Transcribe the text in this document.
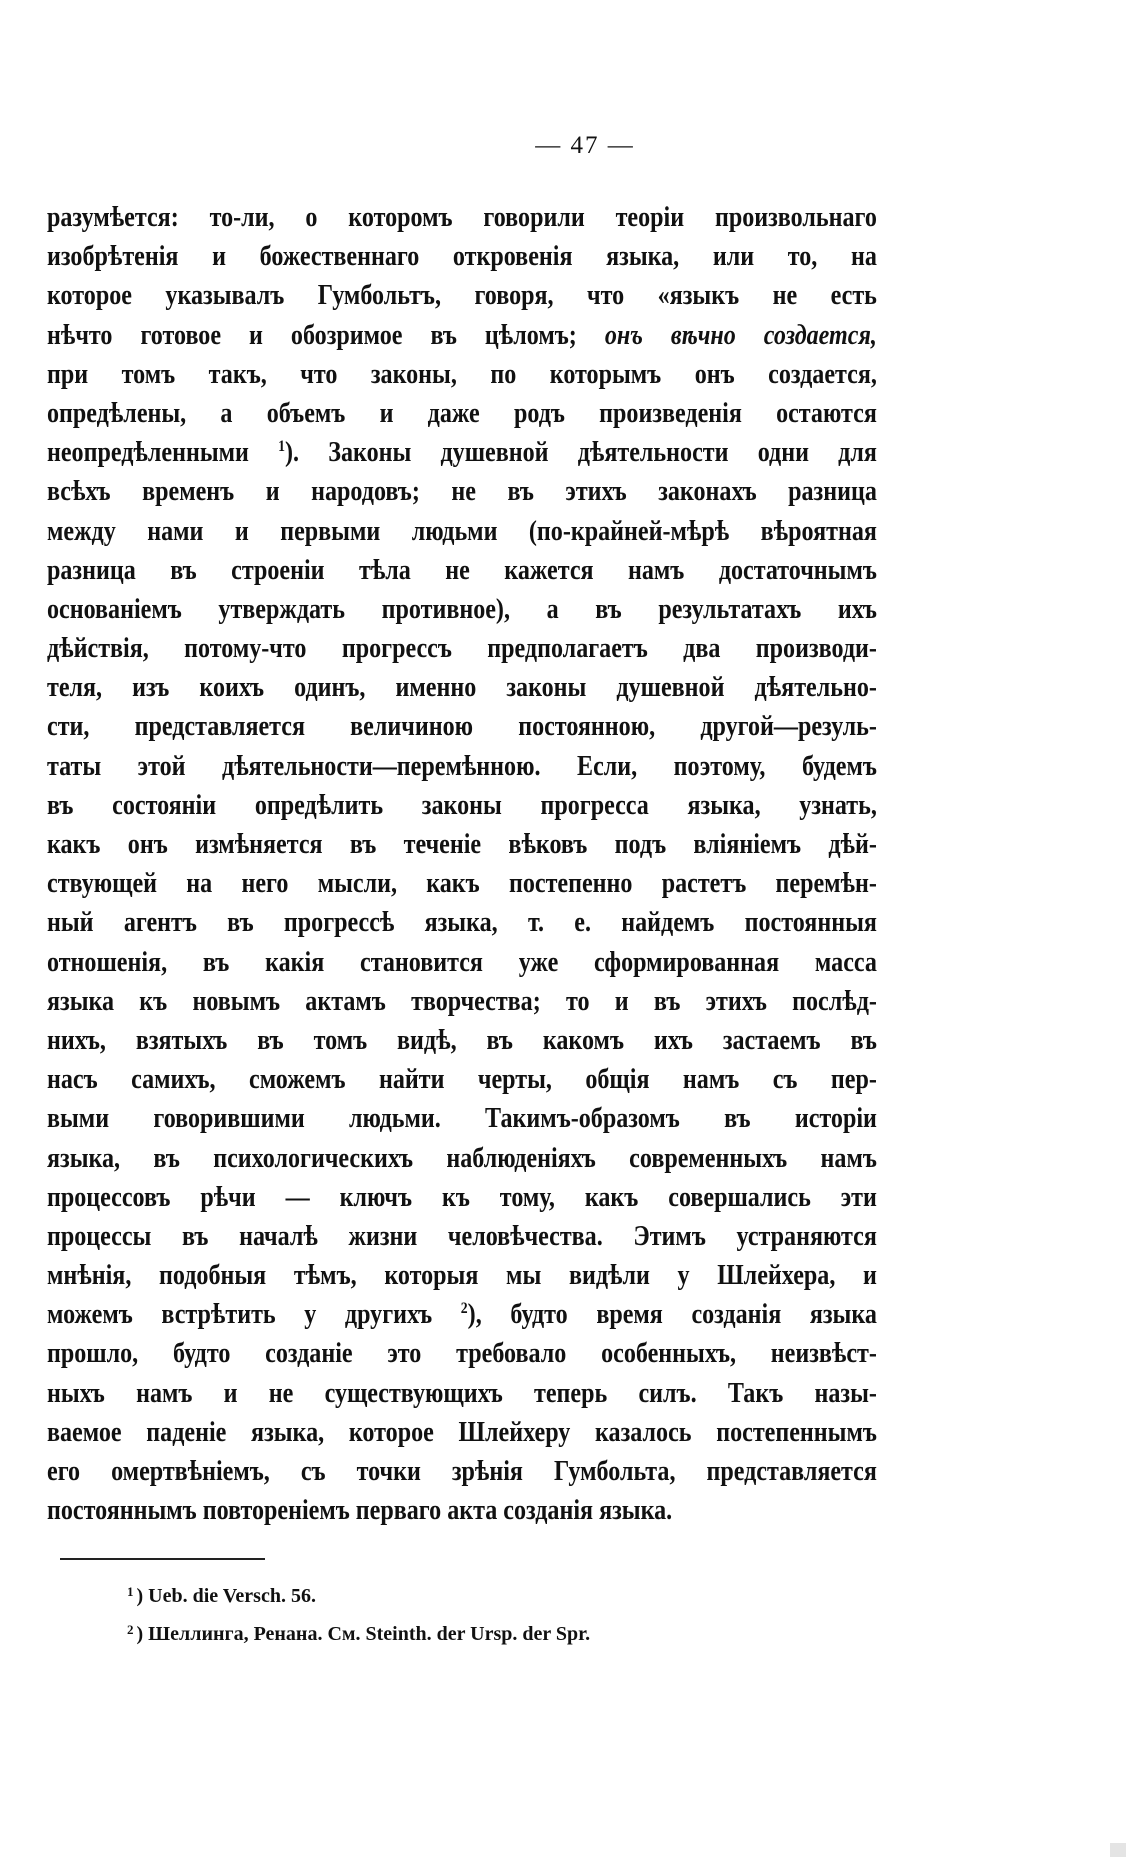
— 47 —
разумѣется: то-ли, о которомъ говорили теоріи произвольнаго
изобрѣтенія и божественнаго откровенія языка, или то, на
которое указывалъ Гумбольтъ, говоря, что «языкъ не есть
нѣчто готовое и обозримое въ цѣломъ; онъ вѣчно создается,
при томъ такъ, что законы, по которымъ онъ создается,
опредѣлены, а объемъ и даже родъ произведенія остаются
неопредѣленными $^1$). Законы душевной дѣятельности одни для
всѣхъ временъ и народовъ; не въ этихъ законахъ разница
между нами и первыми людьми (по-крайней-мѣрѣ вѣроятная
разница въ строеніи тѣла не кажется намъ достаточнымъ
основаніемъ утверждать противное), а въ результатахъ ихъ
дѣйствія, потому-что прогрессъ предполагаетъ два производи-
теля, изъ коихъ одинъ, именно законы душевной дѣятельно-
сти, представляется величиною постоянною, другой—резуль-
таты этой дѣятельности—перемѣнною. Если, поэтому, будемъ
въ состояніи опредѣлить законы прогресса языка, узнать,
какъ онъ измѣняется въ теченіе вѣковъ подъ вліяніемъ дѣй-
ствующей на него мысли, какъ постепенно растетъ перемѣн-
ный агентъ въ прогрессѣ языка, т. е. найдемъ постоянныя
отношенія, въ какія становится уже сформированная масса
языка къ новымъ актамъ творчества; то и въ этихъ послѣд-
нихъ, взятыхъ въ томъ видѣ, въ какомъ ихъ застаемъ въ
насъ самихъ, сможемъ найти черты, общія намъ съ пер-
выми говорившими людьми. Такимъ-образомъ въ исторіи
языка, въ психологическихъ наблюденіяхъ современныхъ намъ
процессовъ рѣчи — ключъ къ тому, какъ совершались эти
процессы въ началѣ жизни человѣчества. Этимъ устраняются
мнѣнія, подобныя тѣмъ, которыя мы видѣли у Шлейхера, и
можемъ встрѣтить у другихъ $^2$), будто время созданія языка
прошло, будто созданіе это требовало особенныхъ, неизвѣст-
ныхъ намъ и не существующихъ теперь силъ. Такъ назы-
ваемое паденіе языка, которое Шлейхеру казалось постепеннымъ
его омертвѣніемъ, съ точки зрѣнія Гумбольта, представляется
постояннымъ повтореніемъ перваго акта созданія языка.
$^1$ ) Ueb. die Versch. 56.
$^2$ ) Шеллинга, Ренана. См. Steinth. der Ursp. der Spr.
